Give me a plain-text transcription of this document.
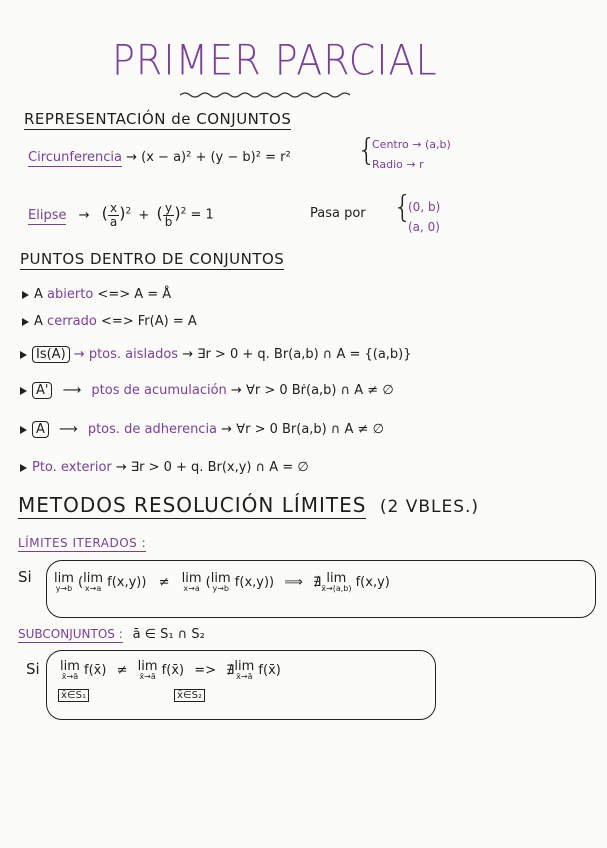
PRIMER PARCIAL
REPRESENTACIÓN de CONJUNTOS
Circunferencia → (x − a)² + (y − b)² = r² {
Centro → (a,b)
Radio → r
Elipse → ( $\frac{x}{a} )^2$ + ( $\frac{y}{b} )^2 = 1$	Pasa por {
(0, b)
(a, 0)
PUNTOS DENTRO DE CONJUNTOS
A abierto <=> A = Å
A cerrado <=> Fr(A) = A
Is(A) → ptos. aislados → ∃r > 0 + q. Br(a,b) ∩ A = {(a,b)}
A' ⟶ ptos de acumulación → ∀r > 0 Bṙ(a,b) ∩ A ≠ ∅
Ā ⟶ ptos. de adherencia → ∀r > 0 Br(a,b) ∩ A ≠ ∅
Pto. exterior → ∃r > 0 + q. Br(x,y) ∩ A = ∅
METODOS RESOLUCIÓN LÍMITES (2 VBLES.)
LÍMITES ITERADOS :
Si lim
y→b ( lim
x→a f(x,y)) ≠ lim
x→a ( lim
y→b f(x,y)) ⟹ ∄ lim
x̄→(a,b) f(x,y)
SUBCONJUNTOS : ā ∈ S₁ ∩ S₂
Si lim
x̄→ā f(x̄) ≠ lim
x̄→ā f(x̄) => ∄ lim
x̄→ā f(x̄)
x̄∈S₁	x̄∈S₂
